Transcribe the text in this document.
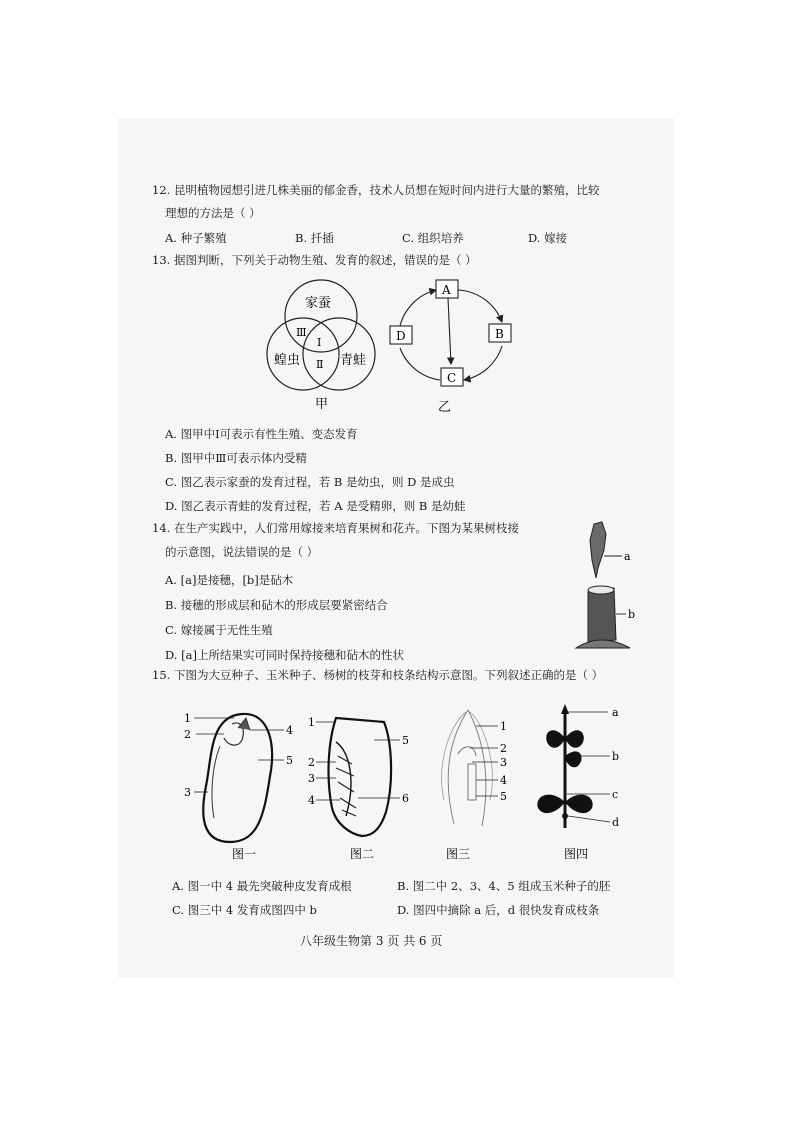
12. 昆明植物园想引进几株美丽的郁金香，技术人员想在短时间内进行大量的繁殖，比较
理想的方法是（ ）
A. 种子繁殖	B. 扦插	C. 组织培养	D. 嫁接
13. 据图判断，下列关于动物生殖、发育的叙述，错误的是（ ）
家蚕
蝗虫	青蛙
Ⅲ
Ⅰ
Ⅱ
甲
A
B
C
D
乙
A. 图甲中Ⅰ可表示有性生殖、变态发育
B. 图甲中Ⅲ可表示体内受精
C. 图乙表示家蚕的发育过程，若 B 是幼虫，则 D 是成虫
D. 图乙表示青蛙的发育过程，若 A 是受精卵，则 B 是幼蛙
14. 在生产实践中，人们常用嫁接来培育果树和花卉。下图为某果树枝接
的示意图，说法错误的是（ ）
A. [a]是接穗，[b]是砧木
B. 接穗的形成层和砧木的形成层要紧密结合
C. 嫁接属于无性生殖
D. [a]上所结果实可同时保持接穗和砧木的性状
a
b
15. 下图为大豆种子、玉米种子、杨树的枝芽和枝条结构示意图。下列叙述正确的是（ ）
1
2
3
4
5
图一
1
2
3
4
5
6
图二
1
2
3
4
5
图三
a
b
c
d
图四
A. 图一中 4 最先突破种皮发育成根	B. 图二中 2、3、4、5 组成玉米种子的胚
C. 图三中 4 发育成图四中 b	D. 图四中摘除 a 后，d 很快发育成枝条
八年级生物第 3 页 共 6 页
